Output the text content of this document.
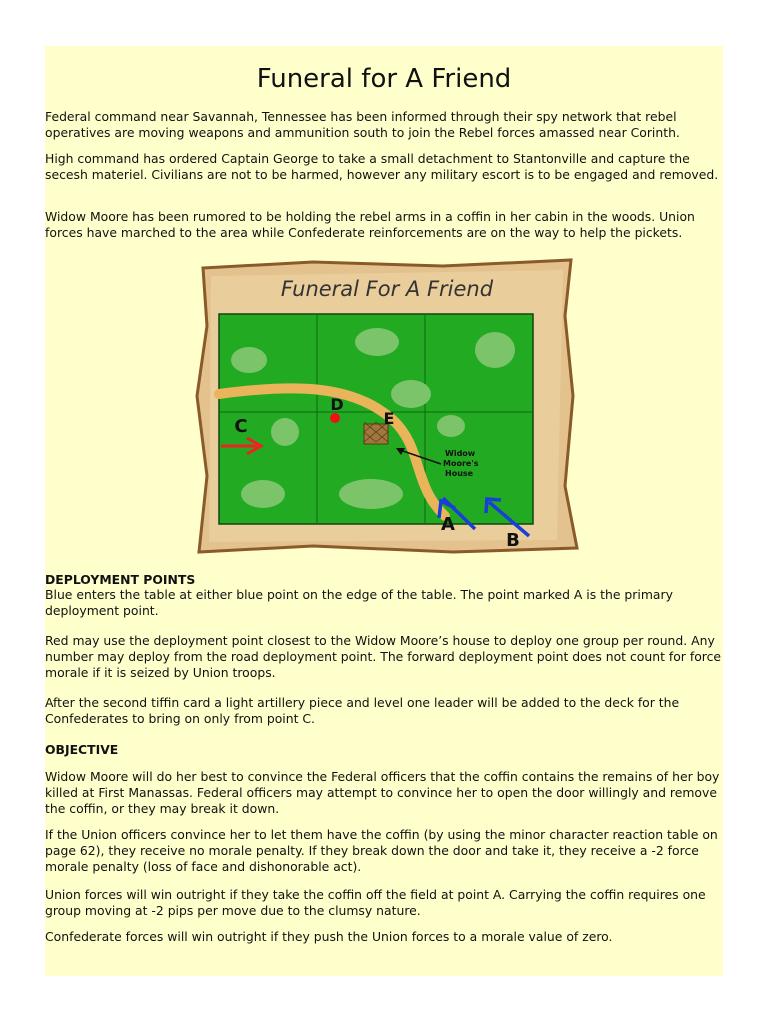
Funeral for A Friend

Federal command near Savannah, Tennessee has been informed through their spy network that rebel operatives are moving weapons and ammunition south to join the Rebel forces amassed near Corinth.

High command has ordered Captain George to take a small detachment to Stantonville and capture the secesh materiel. Civilians are not to be harmed, however any military escort is to be engaged and removed.

Widow Moore has been rumored to be holding the rebel arms in a coffin in her cabin in the woods. Union forces have marched to the area while Confederate reinforcements are on the way to help the pickets.

Funeral For A Friend
D
E
C
A
B
Widow
Moore's
House
DEPLOYMENT POINTS

Blue enters the table at either blue point on the edge of the table. The point marked A is the primary deployment point.

Red may use the deployment point closest to the Widow Moore’s house to deploy one group per round. Any number may deploy from the road deployment point. The forward deployment point does not count for force morale if it is seized by Union troops.

After the second tiffin card a light artillery piece and level one leader will be added to the deck for the Confederates to bring on only from point C.

OBJECTIVE

Widow Moore will do her best to convince the Federal officers that the coffin contains the remains of her boy killed at First Manassas. Federal officers may attempt to convince her to open the door willingly and remove the coffin, or they may break it down.

If the Union officers convince her to let them have the coffin (by using the minor character reaction table on page 62), they receive no morale penalty. If they break down the door and take it, they receive a -2 force morale penalty (loss of face and dishonorable act).

Union forces will win outright if they take the coffin off the field at point A. Carrying the coffin requires one group moving at -2 pips per move due to the clumsy nature.

Confederate forces will win outright if they push the Union forces to a morale value of zero.
